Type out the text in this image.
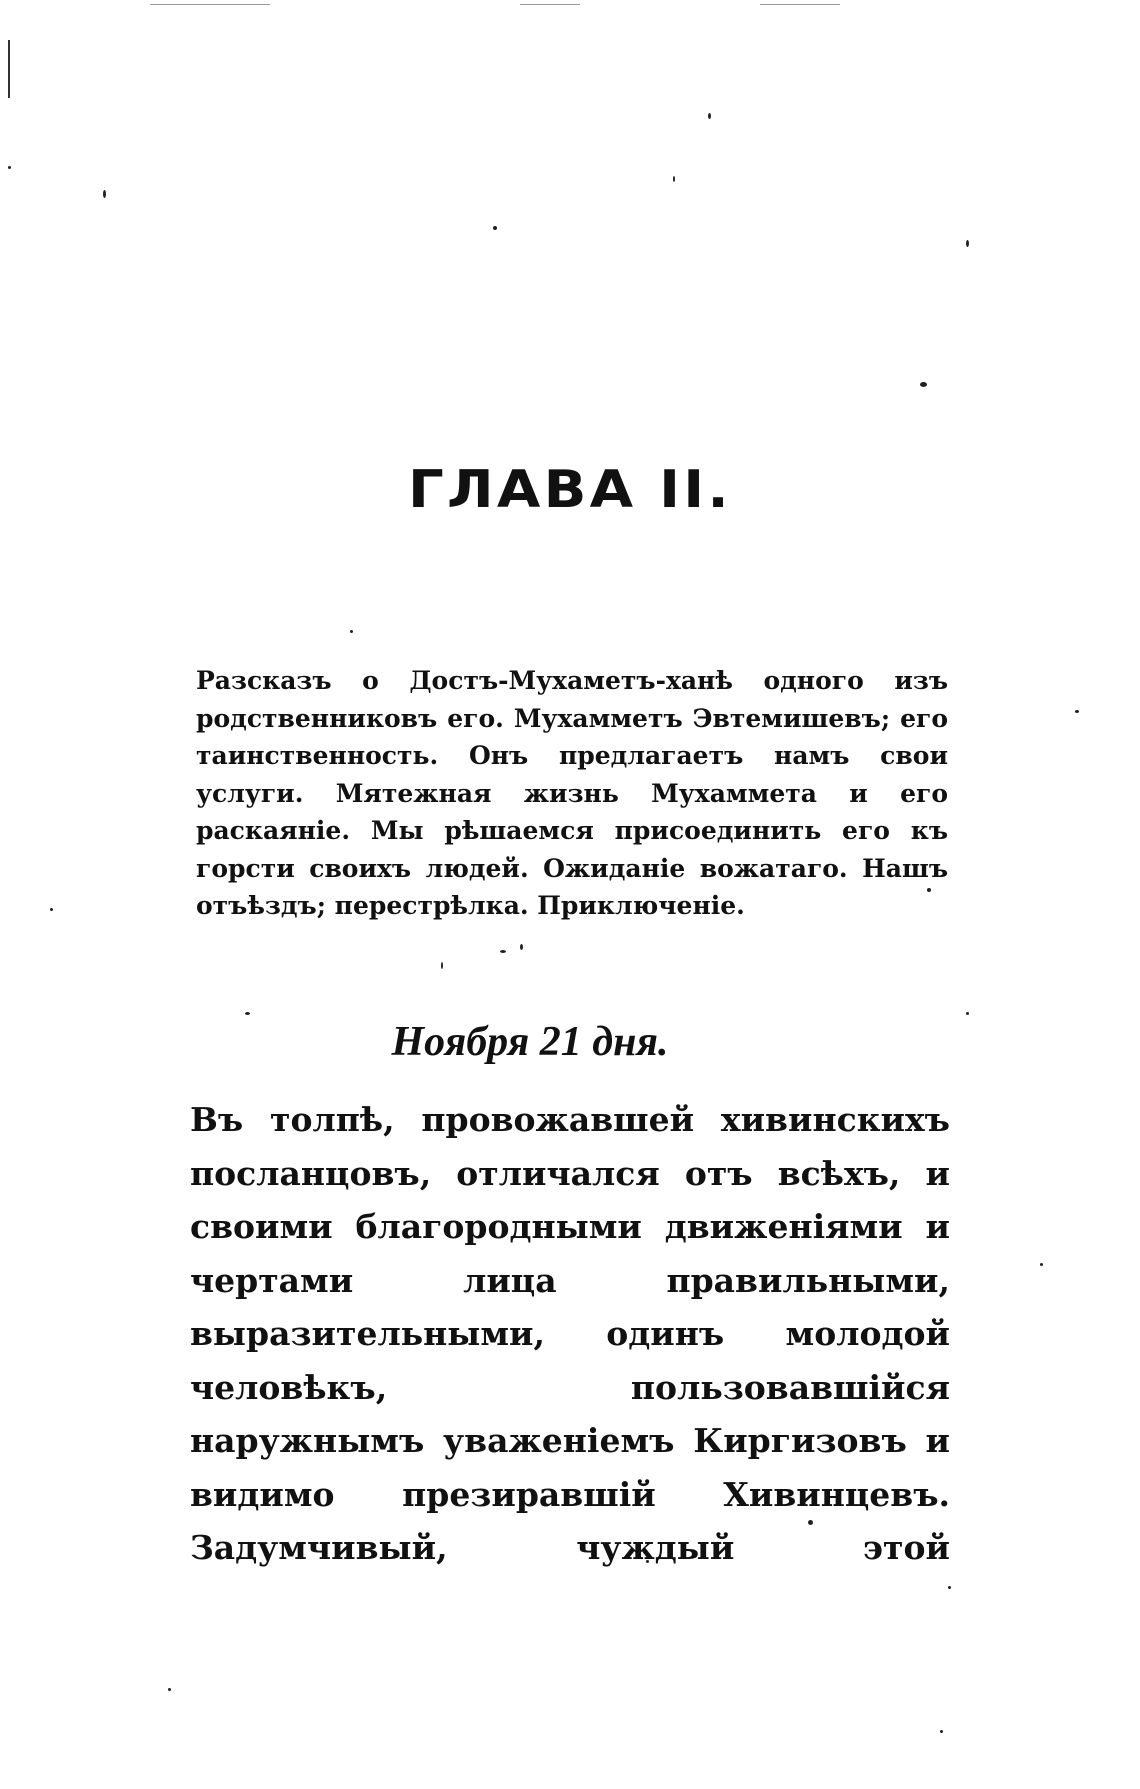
ГЛАВА II.
Разсказъ о Достъ-Мухаметъ-ханѣ одного изъ родственниковъ его. Мухамметъ Эвтемишевъ; его таинственность. Онъ предлагаетъ намъ свои услуги. Мятежная жизнь Мухаммета и его раскаяніе. Мы рѣшаемся присоединить его къ горсти своихъ людей. Ожиданіе вожатаго. Нашъ отъѣздъ; перестрѣлка. Приключеніе.
Ноября 21 дня.
Въ толпѣ, провожавшей хивинскихъ посланцовъ, отличался отъ всѣхъ, и своими благородными движеніями и чертами лица правильными, выразительными, одинъ молодой человѣкъ, пользовавшійся наружнымъ уваженіемъ Киргизовъ и видимо презиравшій Хивинцевъ. Задумчивый, чуждый этой
